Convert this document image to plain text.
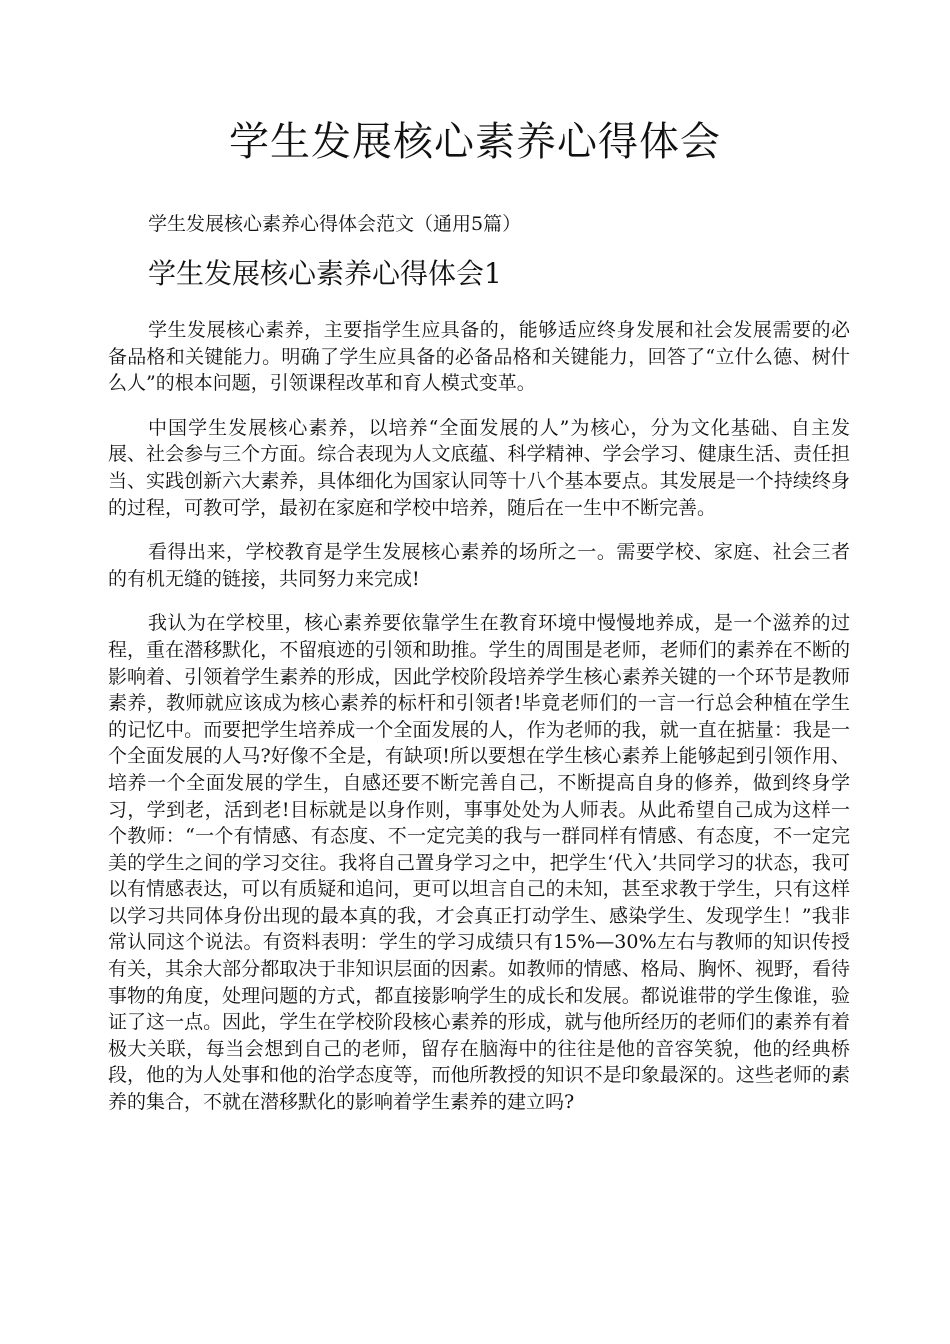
学生发展核心素养心得体会

学生发展核心素养心得体会范文（通用5篇）

学生发展核心素养心得体会1

学生发展核心素养，主要指学生应具备的，能够适应终身发展和社会发展需要的必备品格和关键能力。明确了学生应具备的必备品格和关键能力，回答了“立什么德、树什么人”的根本问题，引领课程改革和育人模式变革。

中国学生发展核心素养，以培养“全面发展的人”为核心，分为文化基础、自主发展、社会参与三个方面。综合表现为人文底蕴、科学精神、学会学习、健康生活、责任担当、实践创新六大素养，具体细化为国家认同等十八个基本要点。其发展是一个持续终身的过程，可教可学，最初在家庭和学校中培养，随后在一生中不断完善。

看得出来，学校教育是学生发展核心素养的场所之一。需要学校、家庭、社会三者的有机无缝的链接，共同努力来完成!

我认为在学校里，核心素养要依靠学生在教育环境中慢慢地养成，是一个滋养的过程，重在潜移默化，不留痕迹的引领和助推。学生的周围是老师，老师们的素养在不断的影响着、引领着学生素养的形成，因此学校阶段培养学生核心素养关键的一个环节是教师素养，教师就应该成为核心素养的标杆和引领者!毕竟老师们的一言一行总会种植在学生的记忆中。而要把学生培养成一个全面发展的人，作为老师的我，就一直在掂量：我是一个全面发展的人马?好像不全是，有缺项!所以要想在学生核心素养上能够起到引领作用、培养一个全面发展的学生，自感还要不断完善自己，不断提高自身的修养，做到终身学习，学到老，活到老!目标就是以身作则，事事处处为人师表。从此希望自己成为这样一个教师：“一个有情感、有态度、不一定完美的我与一群同样有情感、有态度，不一定完美的学生之间的学习交往。我将自己置身学习之中，把学生‘代入’共同学习的状态，我可以有情感表达，可以有质疑和追问，更可以坦言自己的未知，甚至求教于学生，只有这样以学习共同体身份出现的最本真的我，才会真正打动学生、感染学生、发现学生！”我非常认同这个说法。有资料表明：学生的学习成绩只有15%—30%左右与教师的知识传授有关，其余大部分都取决于非知识层面的因素。如教师的情感、格局、胸怀、视野，看待事物的角度，处理问题的方式，都直接影响学生的成长和发展。都说谁带的学生像谁，验证了这一点。因此，学生在学校阶段核心素养的形成，就与他所经历的老师们的素养有着极大关联，每当会想到自己的老师，留存在脑海中的往往是他的音容笑貌，他的经典桥段，他的为人处事和他的治学态度等，而他所教授的知识不是印象最深的。这些老师的素养的集合，不就在潜移默化的影响着学生素养的建立吗?
